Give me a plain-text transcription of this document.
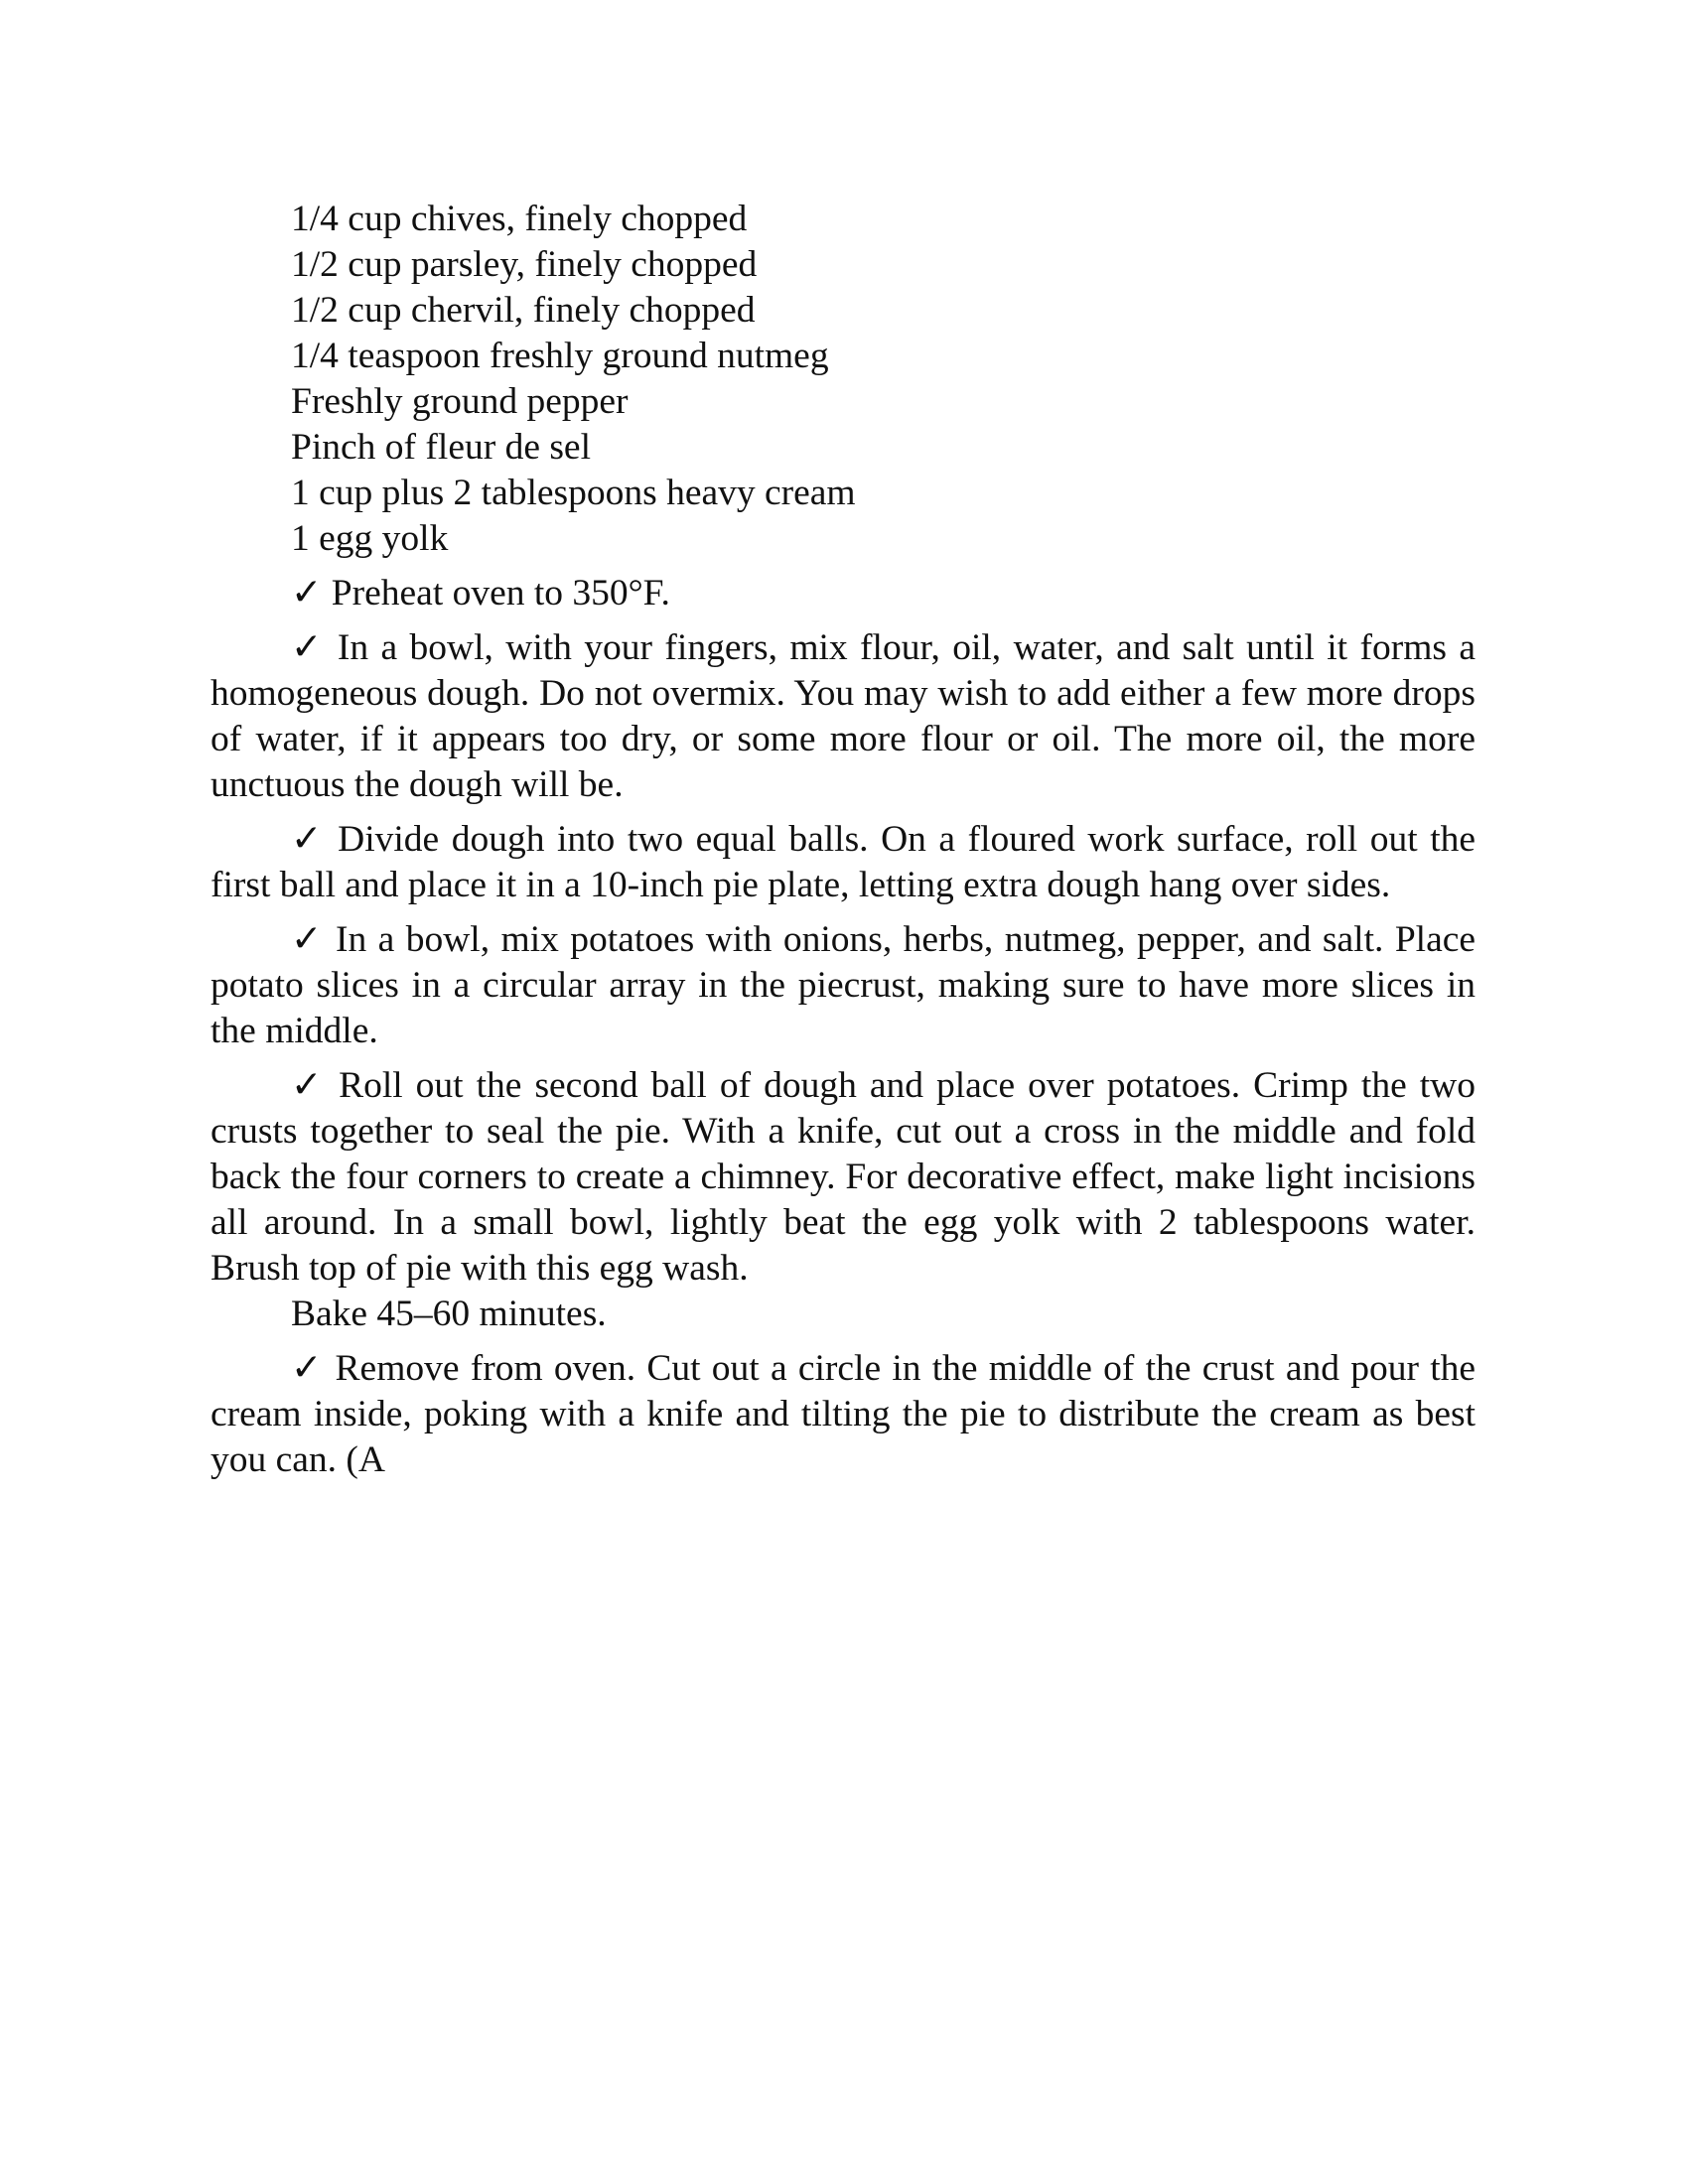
1/4 cup chives, finely chopped
1/2 cup parsley, finely chopped
1/2 cup chervil, finely chopped
1/4 teaspoon freshly ground nutmeg
Freshly ground pepper
Pinch of fleur de sel
1 cup plus 2 tablespoons heavy cream
1 egg yolk

✓ Preheat oven to 350°F.

✓ In a bowl, with your fingers, mix flour, oil, water, and salt until it forms a homogeneous dough. Do not overmix. You may wish to add either a few more drops of water, if it appears too dry, or some more flour or oil. The more oil, the more unctuous the dough will be.

✓ Divide dough into two equal balls. On a floured work surface, roll out the first ball and place it in a 10-inch pie plate, letting extra dough hang over sides.

✓ In a bowl, mix potatoes with onions, herbs, nutmeg, pepper, and salt. Place potato slices in a circular array in the piecrust, making sure to have more slices in the middle.

✓ Roll out the second ball of dough and place over potatoes. Crimp the two crusts together to seal the pie. With a knife, cut out a cross in the middle and fold back the four corners to create a chimney. For decorative effect, make light incisions all around. In a small bowl, lightly beat the egg yolk with 2 tablespoons water. Brush top of pie with this egg wash.

Bake 45–60 minutes.

✓ Remove from oven. Cut out a circle in the middle of the crust and pour the cream inside, poking with a knife and tilting the pie to distribute the cream as best you can. (A
